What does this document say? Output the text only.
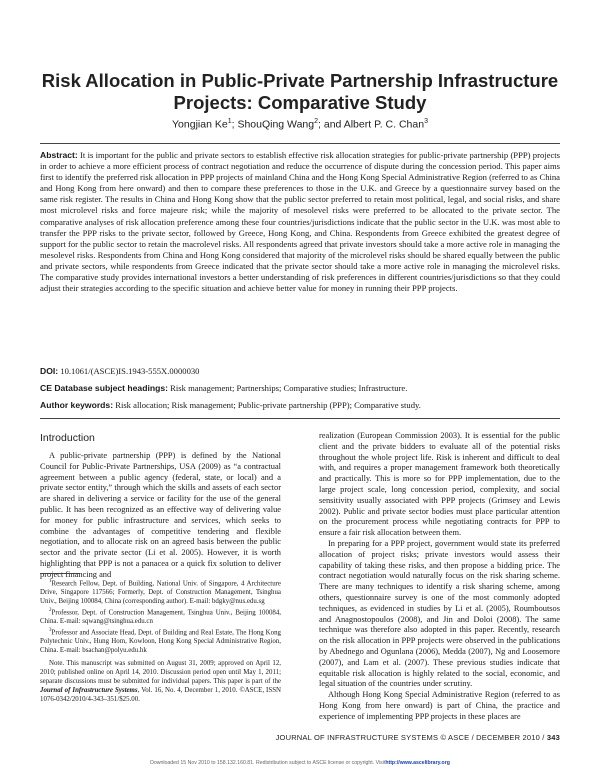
Risk Allocation in Public-Private Partnership Infrastructure Projects: Comparative Study
Yongjian Ke$^1$; ShouQing Wang$^2$; and Albert P. C. Chan$^3$
Abstract: It is important for the public and private sectors to establish effective risk allocation strategies for public-private partnership (PPP) projects in order to achieve a more efficient process of contract negotiation and reduce the occurrence of dispute during the concession period. This paper aims first to identify the preferred risk allocation in PPP projects of mainland China and the Hong Kong Special Administrative Region (referred to as China and Hong Kong from here onward) and then to compare these preferences to those in the U.K. and Greece by a questionnaire survey based on the same risk register. The results in China and Hong Kong show that the public sector preferred to retain most political, legal, and social risks, and share most microlevel risks and force majeure risk; while the majority of mesolevel risks were preferred to be allocated to the private sector. The comparative analyses of risk allocation preference among these four countries/jurisdictions indicate that the public sector in the U.K. was most able to transfer the PPP risks to the private sector, followed by Greece, Hong Kong, and China. Respondents from Greece exhibited the greatest degree of support for the public sector to retain the macrolevel risks. All respondents agreed that private investors should take a more active role in managing the mesolevel risks. Respondents from China and Hong Kong considered that majority of the microlevel risks should be shared equally between the public and private sectors, while respondents from Greece indicated that the private sector should take a more active role in managing the microlevel risks. The comparative study provides international investors a better understanding of risk preferences in different countries/jurisdictions so that they could adjust their strategies according to the specific situation and achieve better value for money in running their PPP projects.
DOI: 10.1061/(ASCE)IS.1943-555X.0000030
CE Database subject headings: Risk management; Partnerships; Comparative studies; Infrastructure.
Author keywords: Risk allocation; Risk management; Public-private partnership (PPP); Comparative study.
Introduction

A public-private partnership (PPP) is defined by the National Council for Public-Private Partnerships, USA (2009) as “a contractual agreement between a public agency (federal, state, or local) and a private sector entity,” through which the skills and assets of each sector are shared in delivering a service or facility for the use of the general public. It has been recognized as an effective way of delivering value for money for public infrastructure and services, which seeks to combine the advantages of competitive tendering and flexible negotiation, and to allocate risk on an agreed basis between the public sector and the private sector (Li et al. 2005). However, it is worth highlighting that PPP is not a panacea or a quick fix solution to deliver project financing and

$^1$Research Fellow, Dept. of Building, National Univ. of Singapore, 4 Architecture Drive, Singapore 117566; Formerly, Dept. of Construction Management, Tsinghua Univ., Beijing 100084, China (corresponding author). E-mail: bdgky@nus.edu.sg

$^2$Professor, Dept. of Construction Management, Tsinghua Univ., Beijing 100084, China. E-mail: sqwang@tsinghua.edu.cn

$^3$Professor and Associate Head, Dept. of Building and Real Estate, The Hong Kong Polytechnic Univ., Hung Hom, Kowloon, Hong Kong Special Administrative Region, China. E-mail: bsachan@polyu.edu.hk

Note. This manuscript was submitted on August 31, 2009; approved on April 12, 2010; published online on April 14, 2010. Discussion period open until May 1, 2011; separate discussions must be submitted for individual papers. This paper is part of the Journal of Infrastructure Systems, Vol. 16, No. 4, December 1, 2010. ©ASCE, ISSN 1076-0342/2010/4-343–351/$25.00.

realization (European Commission 2003). It is essential for the public client and the private bidders to evaluate all of the potential risks throughout the whole project life. Risk is inherent and difficult to deal with, and requires a proper management framework both theoretically and practically. This is more so for PPP implementation, due to the large project scale, long concession period, complexity, and social sensitivity usually associated with PPP projects (Grimsey and Lewis 2002). Public and private sector bodies must place particular attention on the procurement process while negotiating contracts for PPP to ensure a fair risk allocation between them.

In preparing for a PPP project, government would state its preferred allocation of project risks; private investors would assess their capability of taking these risks, and then propose a bidding price. The contract negotiation would naturally focus on the risk sharing scheme. There are many techniques to identify a risk sharing scheme, among others, questionnaire survey is one of the most commonly adopted techniques, as evidenced in studies by Li et al. (2005), Roumboutsos and Anagnostopoulos (2008), and Jin and Doloi (2008). The same technique was therefore also adopted in this paper. Recently, research on the risk allocation in PPP projects were observed in the publications by Abednego and Ogunlana (2006), Medda (2007), Ng and Loosemore (2007), and Lam et al. (2007). These previous studies indicate that equitable risk allocation is highly related to the social, economic, and legal situation of the countries under scrutiny.

Although Hong Kong Special Administrative Region (referred to as Hong Kong from here onward) is part of China, the practice and experience of implementing PPP projects in these places are

JOURNAL OF INFRASTRUCTURE SYSTEMS © ASCE / DECEMBER 2010 / 343
Downloaded 15 Nov 2010 to 158.132.160.81. Redistribution subject to ASCE license or copyright. Visithttp://www.ascelibrary.org
